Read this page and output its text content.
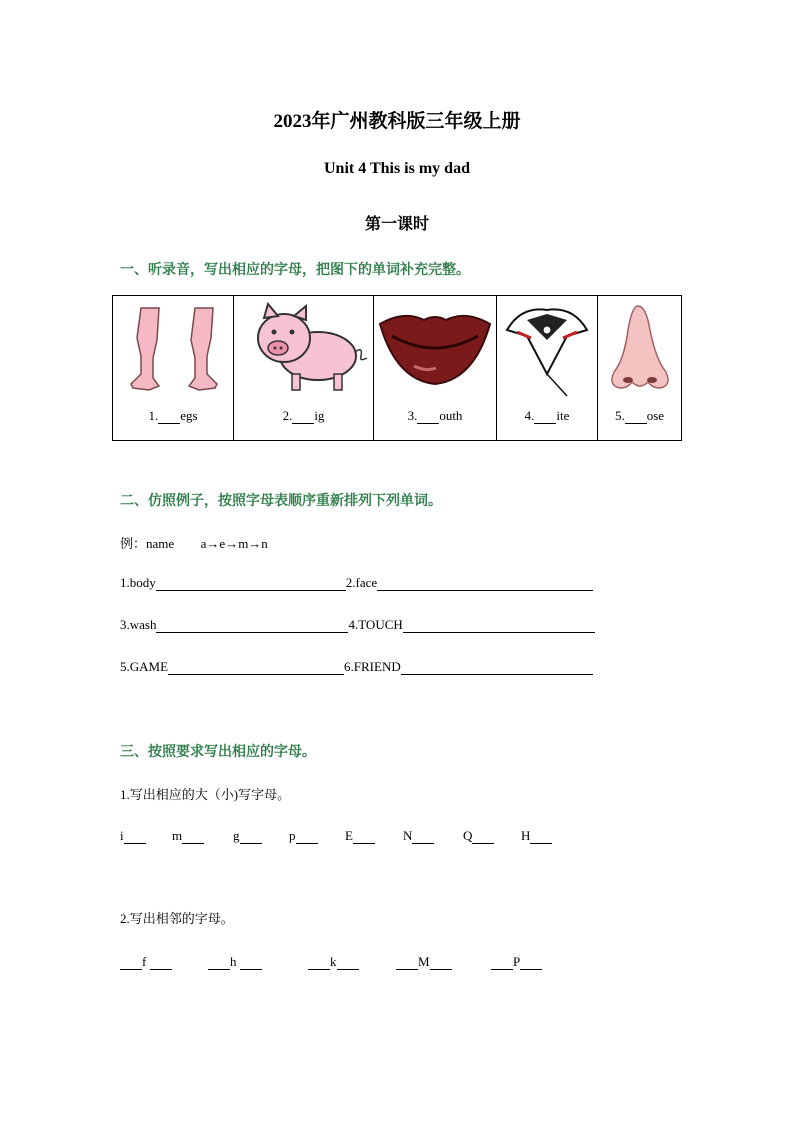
2023年广州教科版三年级上册
Unit 4 This is my dad
第一课时
一、听录音，写出相应的字母，把图下的单词补充完整。
1. egs	2. ig	3. outh	4. ite	5. ose
二、仿照例子，按照字母表顺序重新排列下列单词。
例：name a→e→m→n
1.body	2.face
3.wash	4.TOUCH
5.GAME	6.FRIEND
三、按照要求写出相应的字母。
1.写出相应的大（小)写字母。
i	m	g	p	E	N	Q	H
2.写出相邻的字母。
f	h	k	M	P
